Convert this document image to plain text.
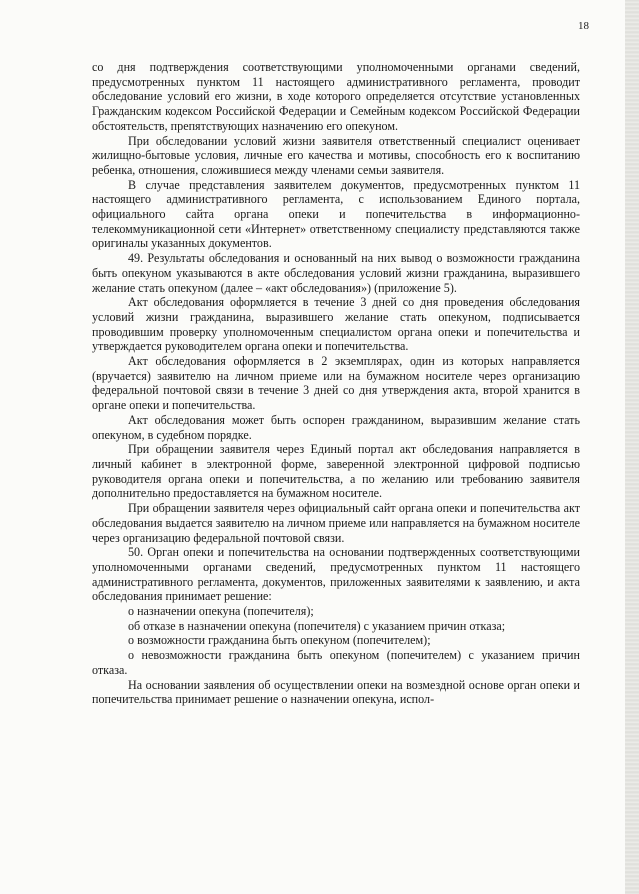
18

со дня подтверждения соответствующими уполномоченными органами сведений, предусмотренных пунктом 11 настоящего административного регламента, проводит обследование условий его жизни, в ходе которого определяется отсутствие установленных Гражданским кодексом Российской Федерации и Семейным кодексом Российской Федерации обстоятельств, препятствующих назначению его опекуном.

При обследовании условий жизни заявителя ответственный специалист оценивает жилищно-бытовые условия, личные его качества и мотивы, способность его к воспитанию ребенка, отношения, сложившиеся между членами семьи заявителя.

В случае представления заявителем документов, предусмотренных пунктом 11 настоящего административного регламента, с использованием Единого портала, официального сайта органа опеки и попечительства в информационно-телекоммуникационной сети «Интернет» ответственному специалисту представляются также оригиналы указанных документов.

49. Результаты обследования и основанный на них вывод о возможности гражданина быть опекуном указываются в акте обследования условий жизни гражданина, выразившего желание стать опекуном (далее – «акт обследования») (приложение 5).

Акт обследования оформляется в течение 3 дней со дня проведения обследования условий жизни гражданина, выразившего желание стать опекуном, подписывается проводившим проверку уполномоченным специалистом органа опеки и попечительства и утверждается руководителем органа опеки и попечительства.

Акт обследования оформляется в 2 экземплярах, один из которых направляется (вручается) заявителю на личном приеме или на бумажном носителе через организацию федеральной почтовой связи в течение 3 дней со дня утверждения акта, второй хранится в органе опеки и попечительства.

Акт обследования может быть оспорен гражданином, выразившим желание стать опекуном, в судебном порядке.

При обращении заявителя через Единый портал акт обследования направляется в личный кабинет в электронной форме, заверенной электронной цифровой подписью руководителя органа опеки и попечительства, а по желанию или требованию заявителя дополнительно предоставляется на бумажном носителе.

При обращении заявителя через официальный сайт органа опеки и попечительства акт обследования выдается заявителю на личном приеме или направляется на бумажном носителе через организацию федеральной почтовой связи.

50. Орган опеки и попечительства на основании подтвержденных соответствующими уполномоченными органами сведений, предусмотренных пунктом 11 настоящего административного регламента, документов, приложенных заявителями к заявлению, и акта обследования принимает решение:

о назначении опекуна (попечителя);

об отказе в назначении опекуна (попечителя) с указанием причин отказа;

о возможности гражданина быть опекуном (попечителем);

о невозможности гражданина быть опекуном (попечителем) с указанием причин отказа.

На основании заявления об осуществлении опеки на возмездной основе орган опеки и попечительства принимает решение о назначении опекуна, испол-
